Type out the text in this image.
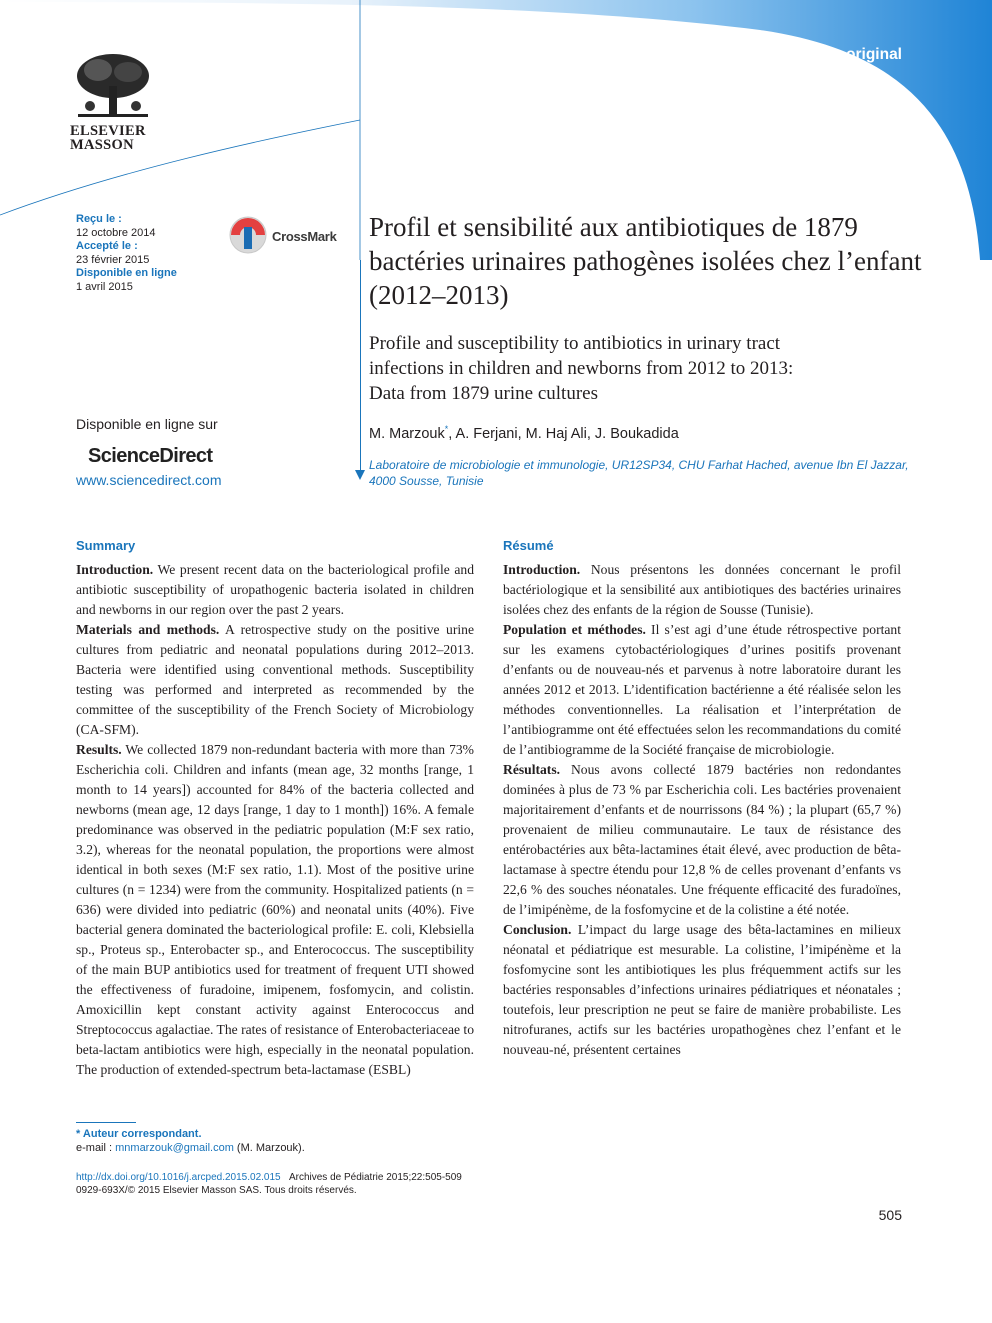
Mémoire original
ELSEVIER
MASSON
Reçu le :
12 octobre 2014
Accepté le :
23 février 2015
Disponible en ligne
1 avril 2015
CrossMark
Disponible en ligne sur
ScienceDirect
www.sciencedirect.com
Profil et sensibilité aux antibiotiques de 1879 bactéries urinaires pathogènes isolées chez l’enfant (2012–2013)
Profile and susceptibility to antibiotics in urinary tract
infections in children and newborns from 2012 to 2013:
Data from 1879 urine cultures
M. Marzouk*, A. Ferjani, M. Haj Ali, J. Boukadida
Laboratoire de microbiologie et immunologie, UR12SP34, CHU Farhat Hached, avenue Ibn El Jazzar, 4000 Sousse, Tunisie
Summary

Introduction. We present recent data on the bacteriological profile and antibiotic susceptibility of uropathogenic bacteria isolated in children and newborns in our region over the past 2 years.

Materials and methods. A retrospective study on the positive urine cultures from pediatric and neonatal populations during 2012–2013. Bacteria were identified using conventional methods. Susceptibility testing was performed and interpreted as recommended by the committee of the susceptibility of the French Society of Microbiology (CA-SFM).

Results. We collected 1879 non-redundant bacteria with more than 73% Escherichia coli. Children and infants (mean age, 32 months [range, 1 month to 14 years]) accounted for 84% of the bacteria collected and newborns (mean age, 12 days [range, 1 day to 1 month]) 16%. A female predominance was observed in the pediatric population (M:F sex ratio, 3.2), whereas for the neonatal population, the proportions were almost identical in both sexes (M:F sex ratio, 1.1). Most of the positive urine cultures (n = 1234) were from the community. Hospitalized patients (n = 636) were divided into pediatric (60%) and neonatal units (40%). Five bacterial genera dominated the bacteriological profile: E. coli, Klebsiella sp., Proteus sp., Enterobacter sp., and Enterococcus. The susceptibility of the main BUP antibiotics used for treatment of frequent UTI showed the effectiveness of furadoine, imipenem, fosfomycin, and colistin. Amoxicillin kept constant activity against Enterococcus and Streptococcus agalactiae. The rates of resistance of Enterobacteriaceae to beta-lactam antibiotics were high, especially in the neonatal population. The production of extended-spectrum beta-lactamase (ESBL)

Résumé

Introduction. Nous présentons les données concernant le profil bactériologique et la sensibilité aux antibiotiques des bactéries urinaires isolées chez des enfants de la région de Sousse (Tunisie).

Population et méthodes. Il s’est agi d’une étude rétrospective portant sur les examens cytobactériologiques d’urines positifs provenant d’enfants ou de nouveau-nés et parvenus à notre laboratoire durant les années 2012 et 2013. L’identification bactérienne a été réalisée selon les méthodes conventionnelles. La réalisation et l’interprétation de l’antibiogramme ont été effectuées selon les recommandations du comité de l’antibiogramme de la Société française de microbiologie.

Résultats. Nous avons collecté 1879 bactéries non redondantes dominées à plus de 73 % par Escherichia coli. Les bactéries provenaient majoritairement d’enfants et de nourrissons (84 %) ; la plupart (65,7 %) provenaient de milieu communautaire. Le taux de résistance des entérobactéries aux bêta-lactamines était élevé, avec production de bêta-lactamase à spectre étendu pour 12,8 % de celles provenant d’enfants vs 22,6 % des souches néonatales. Une fréquente efficacité des furadoïnes, de l’imipénème, de la fosfomycine et de la colistine a été notée.

Conclusion. L’impact du large usage des bêta-lactamines en milieux néonatal et pédiatrique est mesurable. La colistine, l’imipénème et la fosfomycine sont les antibiotiques les plus fréquemment actifs sur les bactéries responsables d’infections urinaires pédiatriques et néonatales ; toutefois, leur prescription ne peut se faire de manière probabiliste. Les nitrofuranes, actifs sur les bactéries uropathogènes chez l’enfant et le nouveau-né, présentent certaines

* Auteur correspondant.
e-mail : mnmarzouk@gmail.com (M. Marzouk).
http://dx.doi.org/10.1016/j.arcped.2015.02.015 Archives de Pédiatrie 2015;22:505-509
0929-693X/© 2015 Elsevier Masson SAS. Tous droits réservés.
505
